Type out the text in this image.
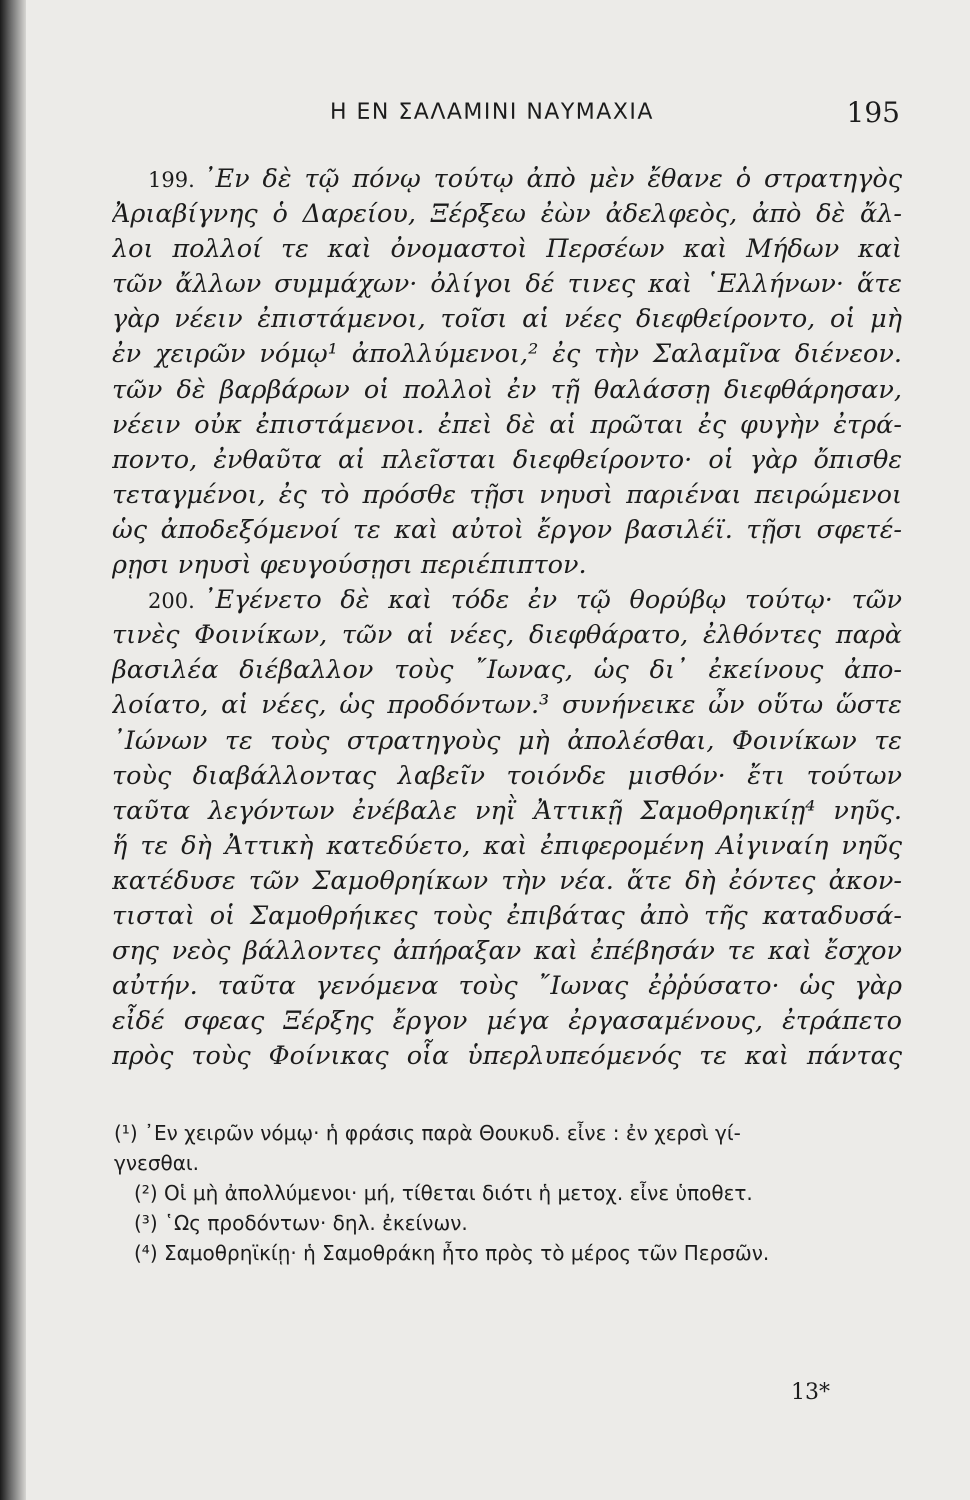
Η ΕΝ ΣΑΛΑΜΙΝΙ ΝΑΥΜΑΧΙΑ	195
199. ᾿Εν δὲ τῷ πόνῳ τούτῳ ἀπὸ μὲν ἔθανε ὁ στρατηγὸς
Ἀριαβίγνης ὁ Δαρείου, Ξέρξεω ἐὼν ἀδελφεὸς, ἀπὸ δὲ ἄλ-
λοι πολλοί τε καὶ ὀνομαστοὶ Περσέων καὶ Μήδων καὶ
τῶν ἄλλων συμμάχων· ὀλίγοι δέ τινες καὶ ῾Ελλήνων· ἅτε
γὰρ νέειν ἐπιστάμενοι, τοῖσι αἱ νέες διεφθείροντο, οἱ μὴ
ἐν χειρῶν νόμῳ¹ ἀπολλύμενοι,² ἐς τὴν Σαλαμῖνα διένεον.
τῶν δὲ βαρβάρων οἱ πολλοὶ ἐν τῇ θαλάσσῃ διεφθάρησαν,
νέειν οὐκ ἐπιστάμενοι. ἐπεὶ δὲ αἱ πρῶται ἐς φυγὴν ἐτρά-
ποντο, ἐνθαῦτα αἱ πλεῖσται διεφθείροντο· οἱ γὰρ ὄπισθε
τεταγμένοι, ἐς τὸ πρόσθε τῇσι νηυσὶ παριέναι πειρώμενοι
ὡς ἀποδεξόμενοί τε καὶ αὐτοὶ ἔργον βασιλέϊ. τῇσι σφετέ-
ρῃσι νηυσὶ φευγούσῃσι περιέπιπτον.
200. ᾿Εγένετο δὲ καὶ τόδε ἐν τῷ θορύβῳ τούτῳ· τῶν
τινὲς Φοινίκων, τῶν αἱ νέες, διεφθάρατο, ἐλθόντες παρὰ
βασιλέα διέβαλλον τοὺς ῎Ιωνας, ὡς δι᾽ ἐκείνους ἀπο-
λοίατο, αἱ νέες, ὡς προδόντων.³ συνήνεικε ὦν οὕτω ὥστε
᾿Ιώνων τε τοὺς στρατηγοὺς μὴ ἀπολέσθαι, Φοινίκων τε
τοὺς διαβάλλοντας λαβεῖν τοιόνδε μισθόν· ἔτι τούτων
ταῦτα λεγόντων ἐνέβαλε νηῒ Ἀττικῇ Σαμοθρηικίῃ⁴ νηῦς.
ἥ τε δὴ Ἀττικὴ κατεδύετο, καὶ ἐπιφερομένη Αἰγιναίη νηῦς
κατέδυσε τῶν Σαμοθρηίκων τὴν νέα. ἅτε δὴ ἐόντες ἀκον-
τισταὶ οἱ Σαμοθρήικες τοὺς ἐπιβάτας ἀπὸ τῆς καταδυσά-
σης νεὸς βάλλοντες ἀπήραξαν καὶ ἐπέβησάν τε καὶ ἔσχον
αὐτήν. ταῦτα γενόμενα τοὺς ῎Ιωνας ἐῤῥύσατο· ὡς γὰρ
εἶδέ σφεας Ξέρξης ἔργον μέγα ἐργασαμένους, ἐτράπετο
πρὸς τοὺς Φοίνικας οἷα ὑπερλυπεόμενός τε καὶ πάντας
(¹) ᾿Εν χειρῶν νόμῳ· ἡ φράσις παρὰ Θουκυδ. εἶνε : ἐν χερσὶ γί-
γνεσθαι.
(²) Οἱ μὴ ἀπολλύμενοι· μή, τίθεται διότι ἡ μετοχ. εἶνε ὑποθετ.
(³) ῾Ως προδόντων· δηλ. ἐκείνων.
(⁴) Σαμοθρηϊκίῃ· ἡ Σαμοθράκη ἦτο πρὸς τὸ μέρος τῶν Περσῶν.
13*
